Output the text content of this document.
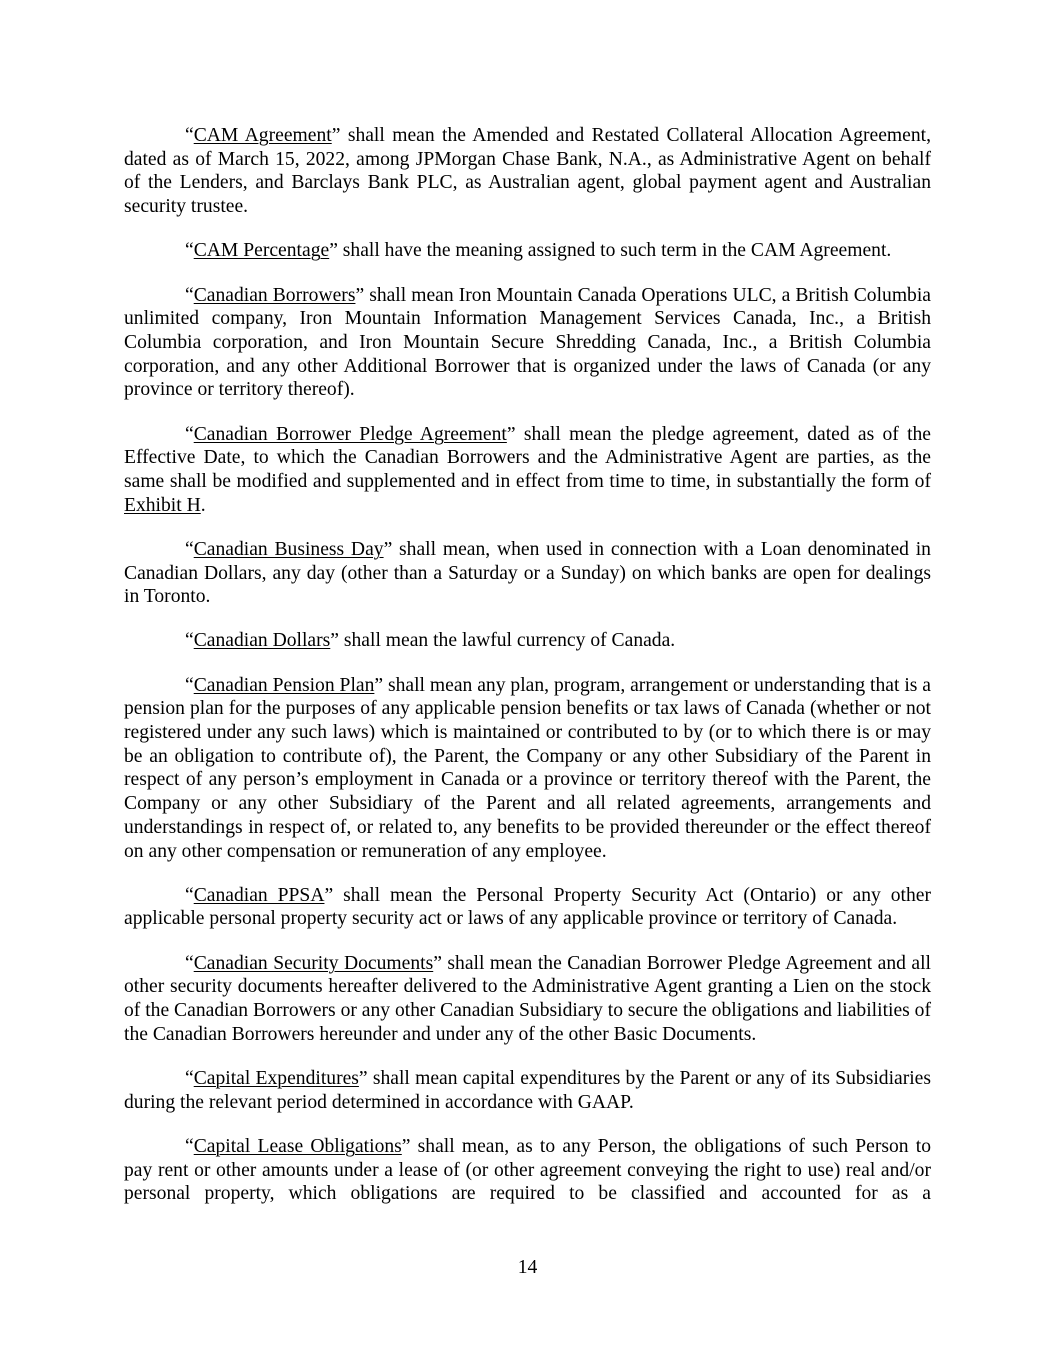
“CAM Agreement” shall mean the Amended and Restated Collateral Allocation Agreement, dated as of March 15, 2022, among JPMorgan Chase Bank, N.A., as Administrative Agent on behalf of the Lenders, and Barclays Bank PLC, as Australian agent, global payment agent and Australian security trustee.

“CAM Percentage” shall have the meaning assigned to such term in the CAM Agreement.

“Canadian Borrowers” shall mean Iron Mountain Canada Operations ULC, a British Columbia unlimited company, Iron Mountain Information Management Services Canada, Inc., a British Columbia corporation, and Iron Mountain Secure Shredding Canada, Inc., a British Columbia corporation, and any other Additional Borrower that is organized under the laws of Canada (or any province or territory thereof).

“Canadian Borrower Pledge Agreement” shall mean the pledge agreement, dated as of the Effective Date, to which the Canadian Borrowers and the Administrative Agent are parties, as the same shall be modified and supplemented and in effect from time to time, in substantially the form of Exhibit H.

“Canadian Business Day” shall mean, when used in connection with a Loan denominated in Canadian Dollars, any day (other than a Saturday or a Sunday) on which banks are open for dealings in Toronto.

“Canadian Dollars” shall mean the lawful currency of Canada.

“Canadian Pension Plan” shall mean any plan, program, arrangement or understanding that is a pension plan for the purposes of any applicable pension benefits or tax laws of Canada (whether or not registered under any such laws) which is maintained or contributed to by (or to which there is or may be an obligation to contribute of), the Parent, the Company or any other Subsidiary of the Parent in respect of any person’s employment in Canada or a province or territory thereof with the Parent, the Company or any other Subsidiary of the Parent and all related agreements, arrangements and understandings in respect of, or related to, any benefits to be provided thereunder or the effect thereof on any other compensation or remuneration of any employee.

“Canadian PPSA” shall mean the Personal Property Security Act (Ontario) or any other applicable personal property security act or laws of any applicable province or territory of Canada.

“Canadian Security Documents” shall mean the Canadian Borrower Pledge Agreement and all other security documents hereafter delivered to the Administrative Agent granting a Lien on the stock of the Canadian Borrowers or any other Canadian Subsidiary to secure the obligations and liabilities of the Canadian Borrowers hereunder and under any of the other Basic Documents.

“Capital Expenditures” shall mean capital expenditures by the Parent or any of its Subsidiaries during the relevant period determined in accordance with GAAP.

“Capital Lease Obligations” shall mean, as to any Person, the obligations of such Person to pay rent or other amounts under a lease of (or other agreement conveying the right to use) real and/or personal property, which obligations are required to be classified and accounted for as a

14
